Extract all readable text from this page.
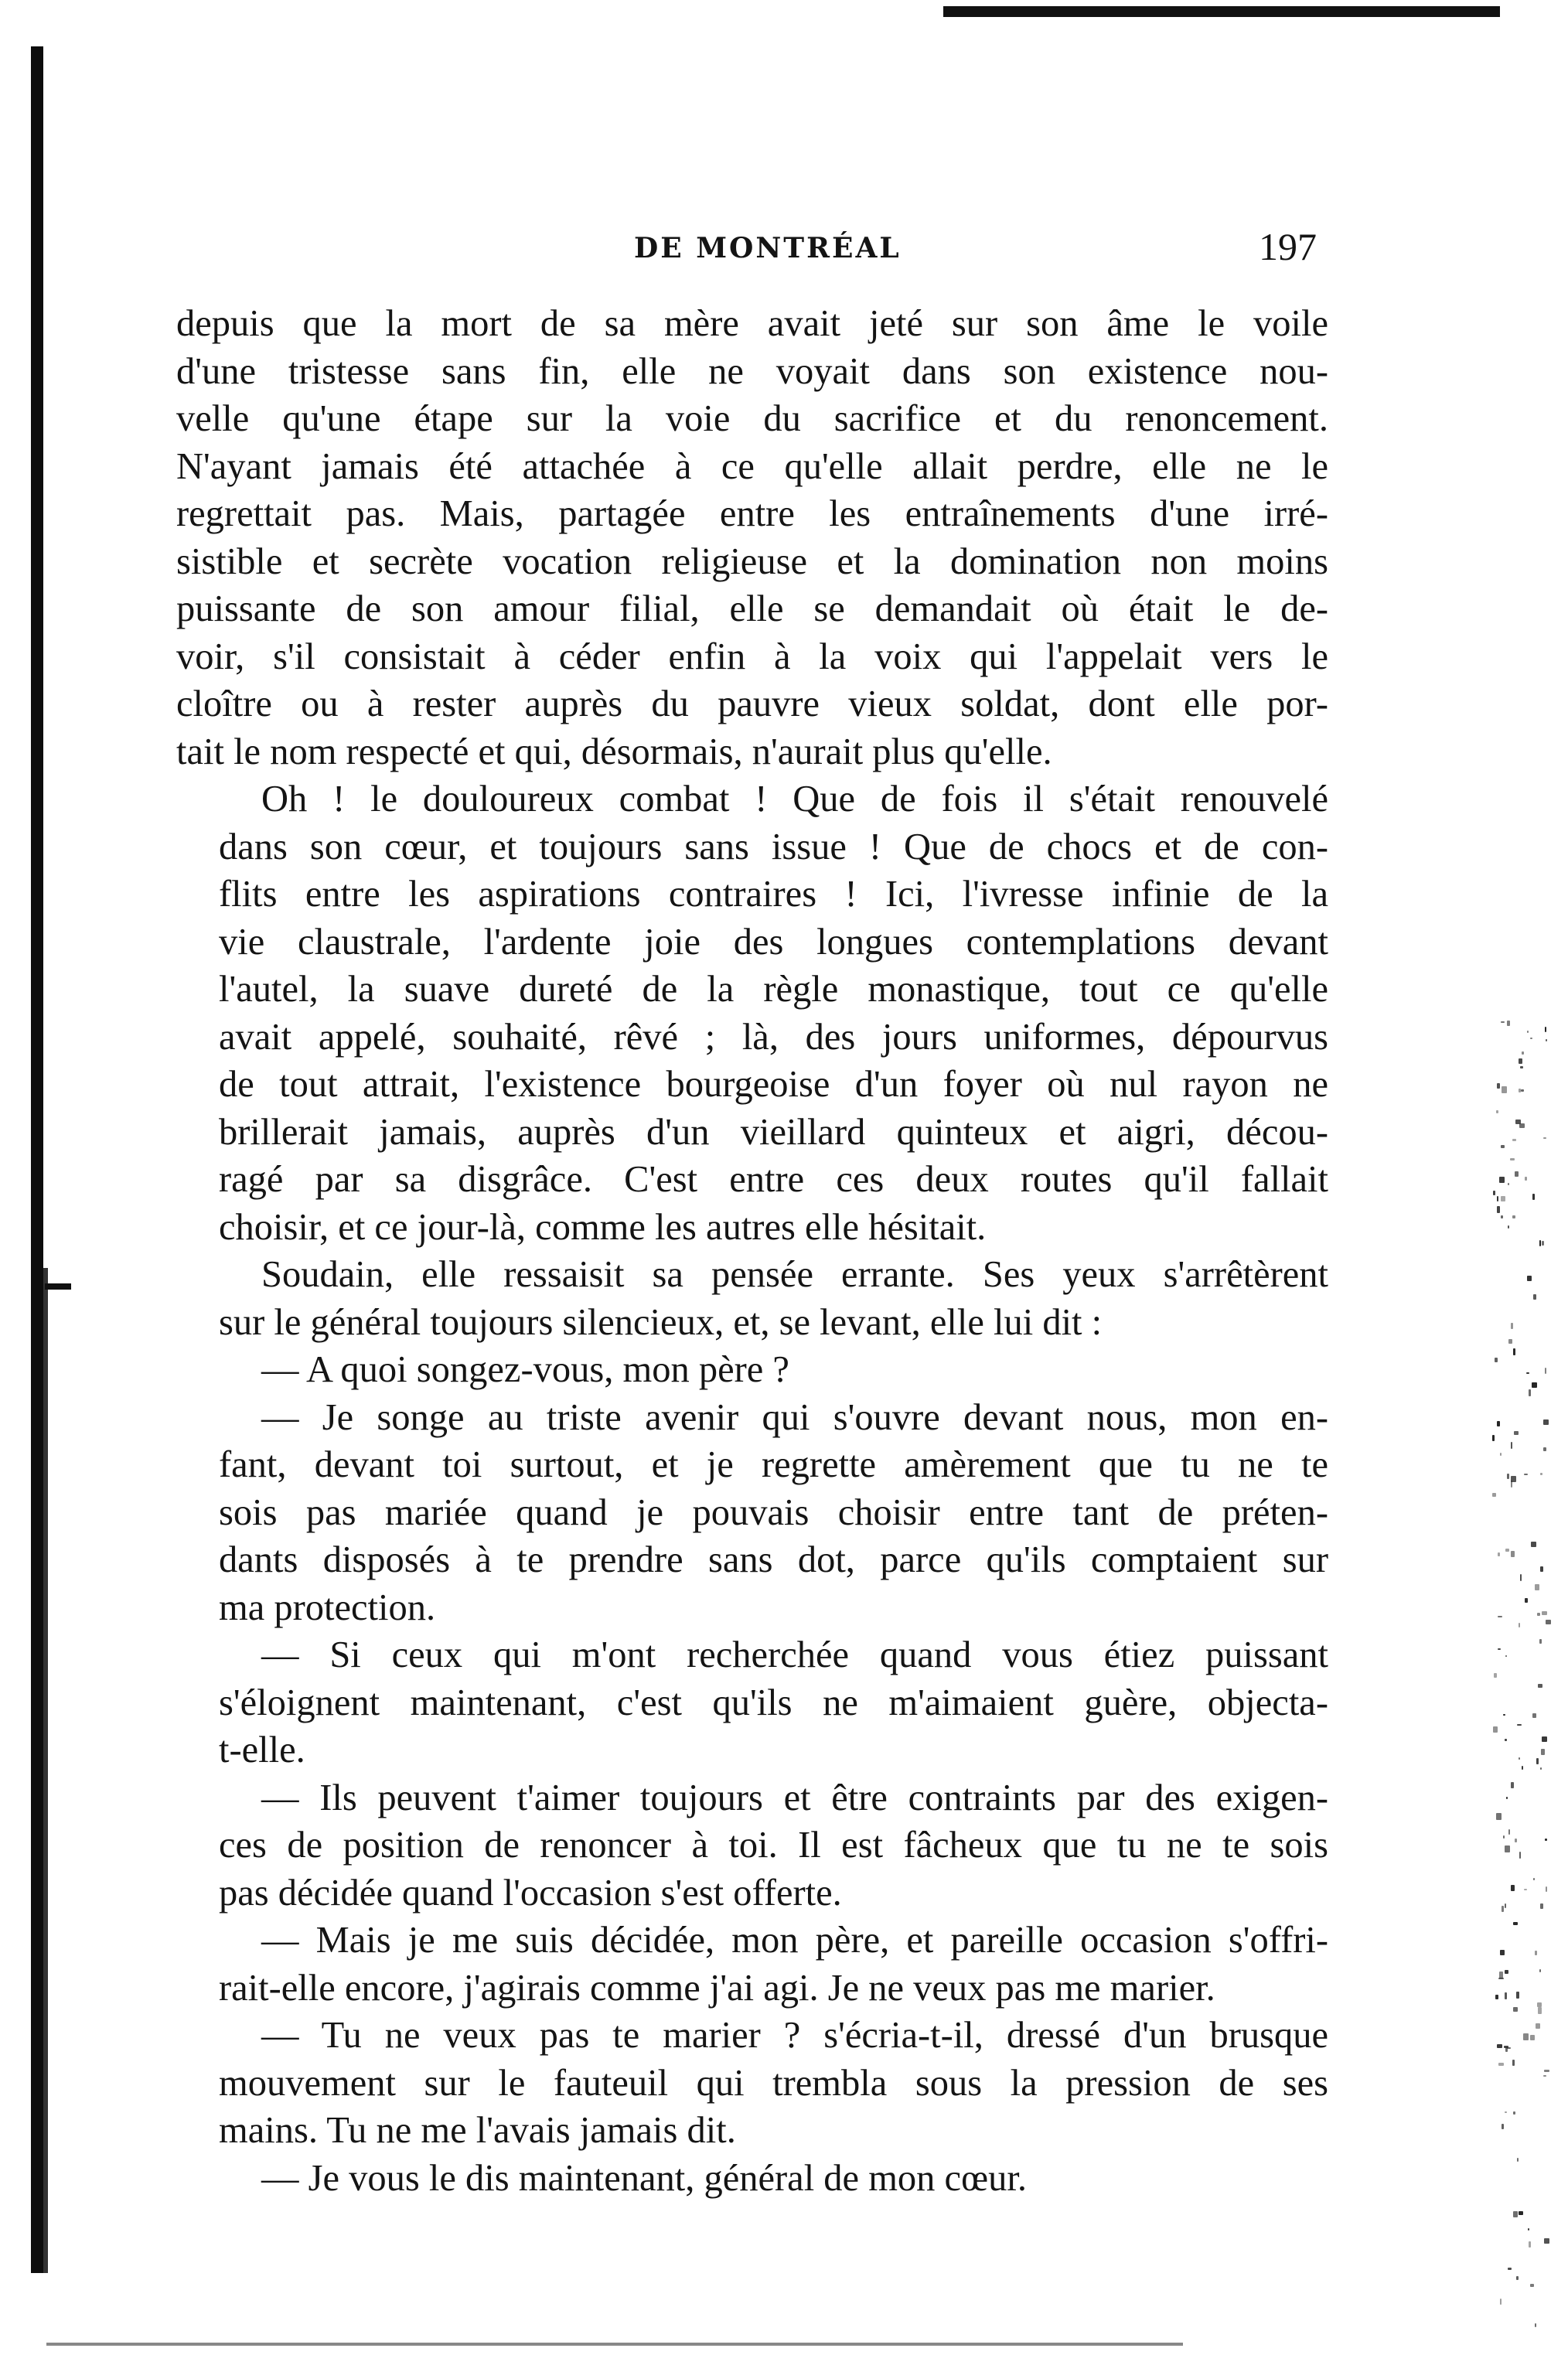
DE MONTRÉAL	197

depuis que la mort de sa mère avait jeté sur son âme le voile
d'une tristesse sans fin, elle ne voyait dans son existence nou-
velle qu'une étape sur la voie du sacrifice et du renoncement.
N'ayant jamais été attachée à ce qu'elle allait perdre, elle ne le
regrettait pas. Mais, partagée entre les entraînements d'une irré-
sistible et secrète vocation religieuse et la domination non moins
puissante de son amour filial, elle se demandait où était le de-
voir, s'il consistait à céder enfin à la voix qui l'appelait vers le
cloître ou à rester auprès du pauvre vieux soldat, dont elle por-
tait le nom respecté et qui, désormais, n'aurait plus qu'elle.

Oh ! le douloureux combat ! Que de fois il s'était renouvelé
dans son cœur, et toujours sans issue ! Que de chocs et de con-
flits entre les aspirations contraires ! Ici, l'ivresse infinie de la
vie claustrale, l'ardente joie des longues contemplations devant
l'autel, la suave dureté de la règle monastique, tout ce qu'elle
avait appelé, souhaité, rêvé ; là, des jours uniformes, dépourvus
de tout attrait, l'existence bourgeoise d'un foyer où nul rayon ne
brillerait jamais, auprès d'un vieillard quinteux et aigri, décou-
ragé par sa disgrâce. C'est entre ces deux routes qu'il fallait
choisir, et ce jour-là, comme les autres elle hésitait.

Soudain, elle ressaisit sa pensée errante. Ses yeux s'arrêtèrent
sur le général toujours silencieux, et, se levant, elle lui dit :

— A quoi songez-vous, mon père ?

— Je songe au triste avenir qui s'ouvre devant nous, mon en-
fant, devant toi surtout, et je regrette amèrement que tu ne te
sois pas mariée quand je pouvais choisir entre tant de préten-
dants disposés à te prendre sans dot, parce qu'ils comptaient sur
ma protection.

— Si ceux qui m'ont recherchée quand vous étiez puissant
s'éloignent maintenant, c'est qu'ils ne m'aimaient guère, objecta-
t-elle.

— Ils peuvent t'aimer toujours et être contraints par des exigen-
ces de position de renoncer à toi. Il est fâcheux que tu ne te sois
pas décidée quand l'occasion s'est offerte.

— Mais je me suis décidée, mon père, et pareille occasion s'offri-
rait-elle encore, j'agirais comme j'ai agi. Je ne veux pas me marier.

— Tu ne veux pas te marier ? s'écria-t-il, dressé d'un brusque
mouvement sur le fauteuil qui trembla sous la pression de ses
mains. Tu ne me l'avais jamais dit.

— Je vous le dis maintenant, général de mon cœur.
